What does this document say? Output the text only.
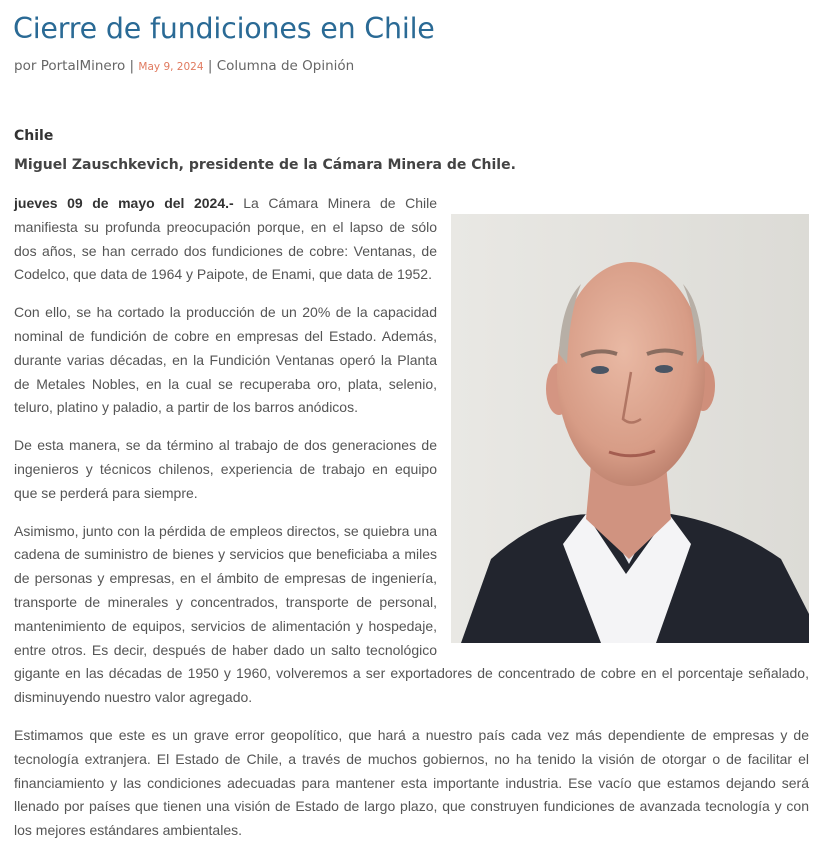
Cierre de fundiciones en Chile
por PortalMinero | May 9, 2024 | Columna de Opinión
Chile
Miguel Zauschkevich, presidente de la Cámara Minera de Chile.

jueves 09 de mayo del 2024.- La Cámara Minera de Chile manifiesta su profunda preocupación porque, en el lapso de sólo dos años, se han cerrado dos fundiciones de cobre: Ventanas, de Codelco, que data de 1964 y Paipote, de Enami, que data de 1952.

Con ello, se ha cortado la producción de un 20% de la capacidad nominal de fundición de cobre en empresas del Estado. Además, durante varias décadas, en la Fundición Ventanas operó la Planta de Metales Nobles, en la cual se recuperaba oro, plata, selenio, teluro, platino y paladio, a partir de los barros anódicos.

De esta manera, se da término al trabajo de dos generaciones de ingenieros y técnicos chilenos, experiencia de trabajo en equipo que se perderá para siempre.

Asimismo, junto con la pérdida de empleos directos, se quiebra una cadena de suministro de bienes y servicios que beneficiaba a miles de personas y empresas, en el ámbito de empresas de ingeniería, transporte de minerales y concentrados, transporte de personal, mantenimiento de equipos, servicios de alimentación y hospedaje, entre otros. Es decir, después de haber dado un salto tecnológico gigante en las décadas de 1950 y 1960, volveremos a ser exportadores de concentrado de cobre en el porcentaje señalado, disminuyendo nuestro valor agregado.

Estimamos que este es un grave error geopolítico, que hará a nuestro país cada vez más dependiente de empresas y de tecnología extranjera. El Estado de Chile, a través de muchos gobiernos, no ha tenido la visión de otorgar o de facilitar el financiamiento y las condiciones adecuadas para mantener esta importante industria. Ese vacío que estamos dejando será llenado por países que tienen una visión de Estado de largo plazo, que construyen fundiciones de avanzada tecnología y con los mejores estándares ambientales.
